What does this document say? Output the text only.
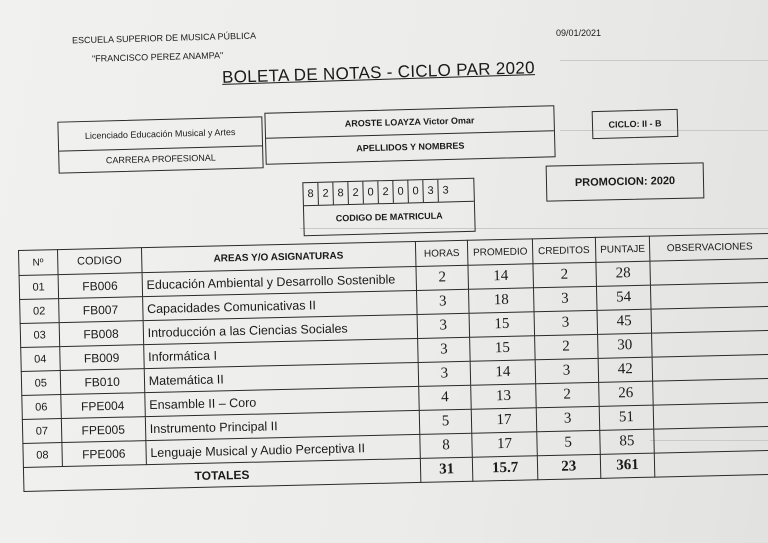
ESCUELA SUPERIOR DE MUSICA PÚBLICA
"FRANCISCO PEREZ ANAMPA"
09/01/2021
BOLETA DE NOTAS - CICLO PAR 2020
Licenciado Educación Musical y Artes
CARRERA PROFESIONAL
AROSTE LOAYZA Victor Omar
APELLIDOS Y NOMBRES
CICLO: II - B
PROMOCION: 2020
8 2 8 2 0 2 0 0 3 3
CODIGO DE MATRICULA
Nº	CODIGO	AREAS Y/O ASIGNATURAS	HORAS	PROMEDIO	CREDITOS	PUNTAJE	OBSERVACIONES
01	FB006	Educación Ambiental y Desarrollo Sostenible	2	14	2	28	
02	FB007	Capacidades Comunicativas II	3	18	3	54	
03	FB008	Introducción a las Ciencias Sociales	3	15	3	45	
04	FB009	Informática I	3	15	2	30	
05	FB010	Matemática II	3	14	3	42	
06	FPE004	Ensamble II – Coro	4	13	2	26	
07	FPE005	Instrumento Principal II	5	17	3	51	
08	FPE006	Lenguaje Musical y Audio Perceptiva II	8	17	5	85	
TOTALES			31	15.7	23	361	
